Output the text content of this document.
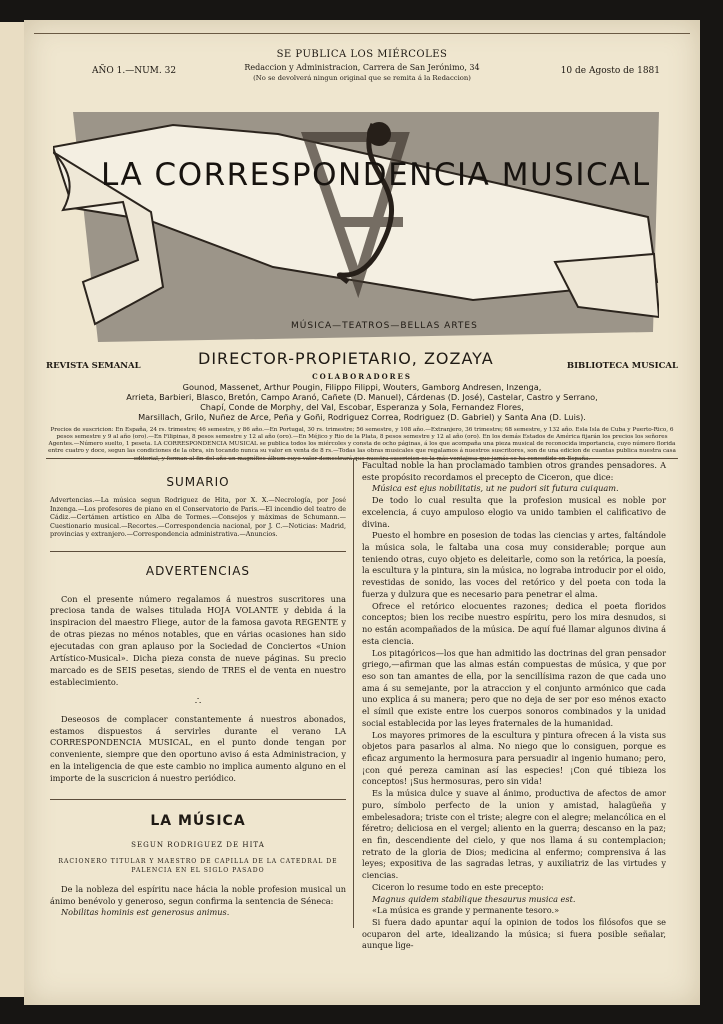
SE PUBLICA LOS MIÉRCOLES
Redaccion y Administracion, Carrera de San Jerónimo, 34
(No se devolverá ningun original que se remita á la Redaccion)
AÑO 1.—NUM. 32	10 de Agosto de 1881
LA CORRESPONDENCIA MUSICAL
MÚSICA—TEATROS—BELLAS ARTES
DIRECTOR-PROPIETARIO, ZOZAYA
REVISTA SEMANAL	BIBLIOTECA MUSICAL
COLABORADORES
Gounod, Massenet, Arthur Pougin, Filippo Filippi, Wouters, Gamborg Andresen, Inzenga,
Arrieta, Barbieri, Blasco, Bretón, Campo Aranó, Cañete (D. Manuel), Cárdenas (D. José), Castelar, Castro y Serrano,
Chapí, Conde de Morphy, del Val, Escobar, Esperanza y Sola, Fernandez Flores,
Marsillach, Grilo, Nuñez de Arce, Peña y Goñi, Rodriguez Correa, Rodriguez (D. Gabriel) y Santa Ana (D. Luis).
Precios de suscricion: En España, 24 rs. trimestre; 46 semestre, y 86 año.—En Portugal, 30 rs. trimestre; 56 semestre, y 108 año.—Extranjero, 36 trimestre; 68 semestre, y 132 año. Esla Isla de Cuba y Puerto-Rico, 6 pesos semestre y 9 al año (oro).—En Filipinas, 8 pesos semestre y 12 al año (oro).—En Méjico y Rio de la Plata, 8 pesos semestre y 12 al año (oro). En los demás Estados de América fijarán los precios los señores Agentes.—Número suelto, 1 peseta. LA CORRESPONDENCIA MUSICAL se publica todos los miércoles y consta de ocho páginas, á los que acompaña una pieza musical de reconocida importancia, cuyo número florida entre cuatro y doce, segun las condiciones de la obra, sin tocando nunca su valor en venta de 8 rs.—Todas las obras musicales que regalamos á nuestros suscritores, son de una edicion de cuantas publica nuestra casa
SUMARIO
Advertencias.—La música segun Rodriguez de Hita, por X. X.—Necrología, por José Inzenga.—Los profesores de piano en el Conservatorio de Paris.—El incendio del teatro de Cádiz.—Certámen artístico en Alba de Tormes.—Consejos y máximas de Schumann.—Cuestionario musical.—Recortes.—Correspondencia nacional, por J. C.—Noticias: Madrid, provincias y extranjero.—Correspondencia administrativa.—Anuncios.
ADVERTENCIAS

Con el presente número regalamos á nuestros suscritores una preciosa tanda de walses titulada HOJA VOLANTE y debida á la inspiracion del maestro Fliege, autor de la famosa gavota REGENTE y de otras piezas no ménos notables, que en várias ocasiones han sido ejecutadas con gran aplauso por la Sociedad de Conciertos «Union Artístico-Musical». Dicha pieza consta de nueve páginas. Su precio marcado es de SEIS pesetas, siendo de TRES el de venta en nuestro establecimiento.

∴

Deseosos de complacer constantemente á nuestros abonados, estamos dispuestos á servirles durante el verano LA CORRESPONDENCIA MUSICAL, en el punto donde tengan por conveniente, siempre que den oportuno aviso á esta Administracion, y en la inteligencia de que este cambio no implica aumento alguno en el importe de la suscricion á nuestro periódico.

LA MÚSICA
SEGUN RODRIGUEZ DE HITA
RACIONERO TITULAR Y MAESTRO DE CAPILLA DE LA CATEDRAL DE PALENCIA EN EL SIGLO PASADO

De la nobleza del espíritu nace hácia la noble profesion musical un ánimo benévolo y generoso, segun confirma la sentencia de Séneca:

Nobilitas hominis est generosus animus.

Facultad noble la han proclamado tambien otros grandes pensadores. A este propósito recordamos el precepto de Ciceron, que dice:

Música est ejus nobilitatis, ut ne pudori sit futura cuiquam.

De todo lo cual resulta que la profesion musical es noble por excelencia, á cuyo ampuloso elogio va unido tambien el calificativo de divina.

Puesto el hombre en posesion de todas las ciencias y artes, faltándole la música sola, le faltaba una cosa muy considerable; porque aun teniendo otras, cuyo objeto es deleitarle, como son la retórica, la poesía, la escultura y la pintura, sin la música, no lograba introducir por el oido, revestidas de sonido, las voces del retórico y del poeta con toda la fuerza y dulzura que es necesario para penetrar el alma.

Ofrece el retórico elocuentes razones; dedica el poeta floridos conceptos; bien los recibe nuestro espíritu, pero los mira desnudos, si no están acompañados de la música. De aquí fué llamar algunos divina á esta ciencia.

Los pitagóricos—los que han admitido las doctrinas del gran pensador griego,—afirman que las almas están compuestas de música, y que por eso son tan amantes de ella, por la sencillísima razon de que cada uno ama á su semejante, por la atraccion y el conjunto armónico que cada uno explica á su manera; pero que no deja de ser por eso ménos exacto el símil que existe entre los cuerpos sonoros combinados y la unidad social establecida por las leyes fraternales de la humanidad.

Los mayores primores de la escultura y pintura ofrecen á la vista sus objetos para pasarlos al alma. No niego que lo consiguen, porque es eficaz argumento la hermosura para persuadir al ingenio humano; pero, ¡con qué pereza caminan así las especies! ¡Con qué tibieza los conceptos! ¡Sus hermosuras, pero sin vida!

Es la música dulce y suave al ánimo, productiva de afectos de amor puro, símbolo perfecto de la union y amistad, halagüeña y embelesadora; triste con el triste; alegre con el alegre; melancólica en el féretro; deliciosa en el vergel; aliento en la guerra; descanso en la paz; en fin, descendiente del cielo, y que nos llama á su contemplacion; retrato de la gloria de Dios; medicina al enfermo; comprensiva á las leyes; expositiva de las sagradas letras, y auxiliatriz de las virtudes y ciencias.

Ciceron lo resume todo en este precepto:

Magnus quidem stabilique thesaurus musica est.

«La música es grande y permanente tesoro.»

Si fuera dado apuntar aquí la opinion de todos los filósofos que se ocuparon del arte, idealizando la música; si fuera posible señalar, aunque lige-
